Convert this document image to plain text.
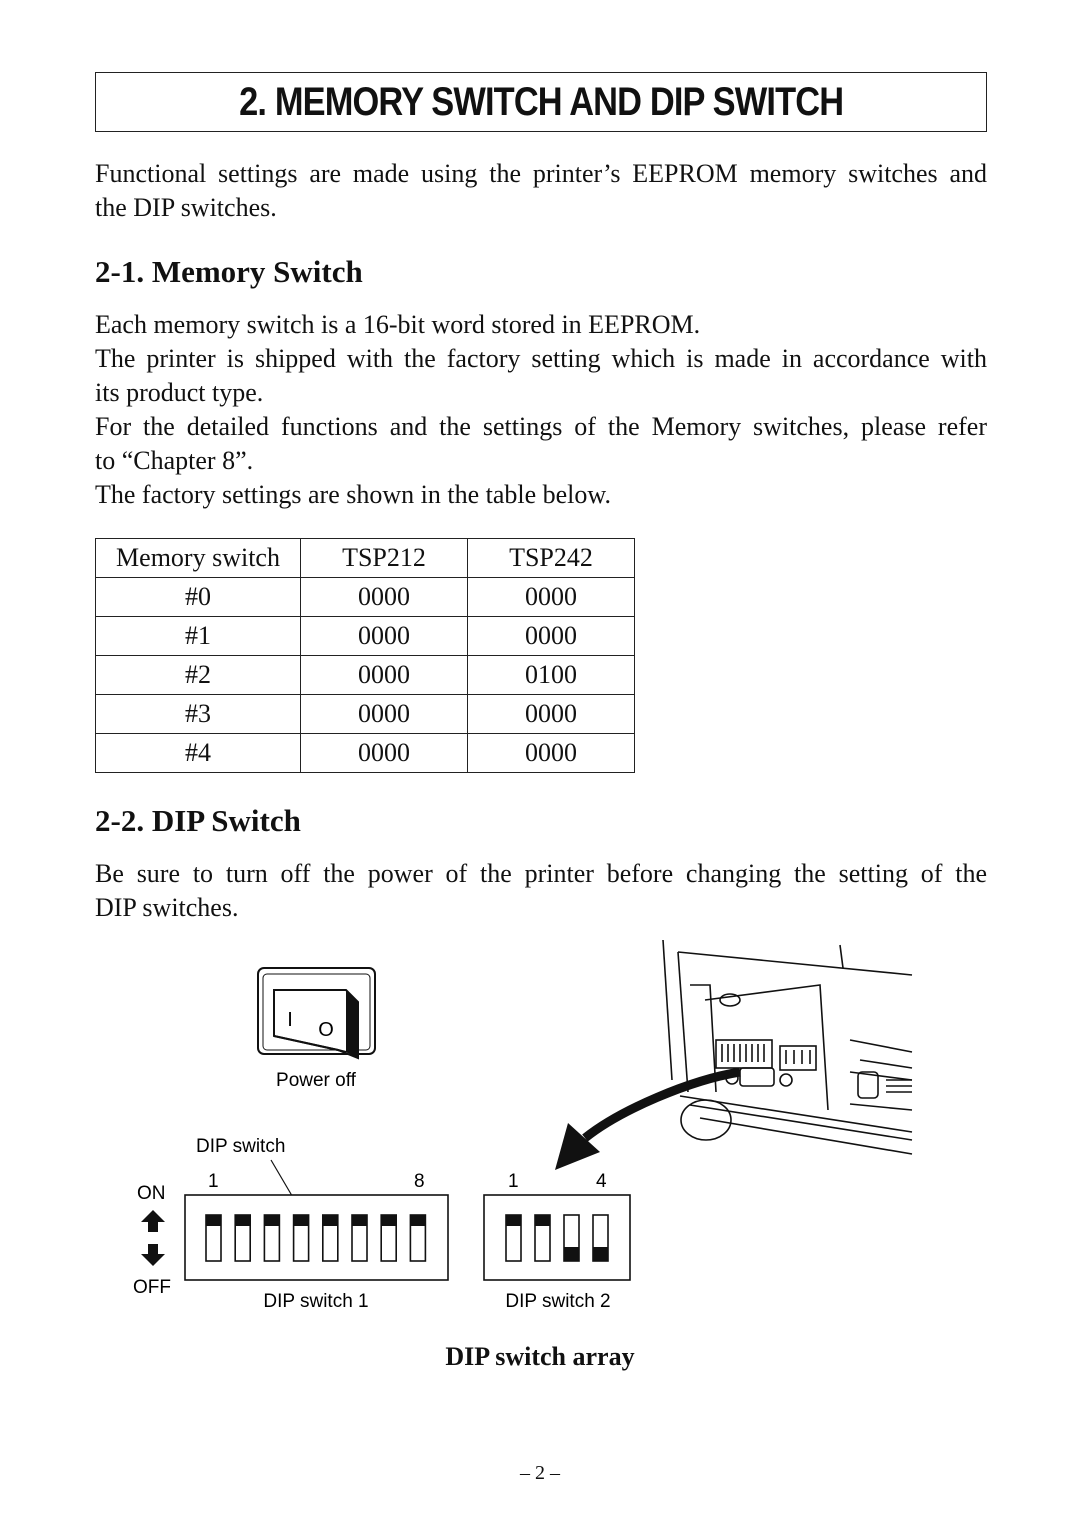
2. MEMORY SWITCH AND DIP SWITCH

Functional settings are made using the printer’s EEPROM memory switches and
the DIP switches.

2-1. Memory Switch

Each memory switch is a 16-bit word stored in EEPROM.
The printer is shipped with the factory setting which is made in accordance with
its product type.
For the detailed functions and the settings of the Memory switches, please refer
to “Chapter 8”.
The factory settings are shown in the table below.

Memory switch	TSP212	TSP242
#0	0000	0000
#1	0000	0000
#2	0000	0100
#3	0000	0000
#4	0000	0000
2-2. DIP Switch

Be sure to turn off the power of the printer before changing the setting of the
DIP switches.

I O
Power off
DIP switch
ON
OFF
1	8
DIP switch 1
1	4
DIP switch 2
DIP switch array
– 2 –
